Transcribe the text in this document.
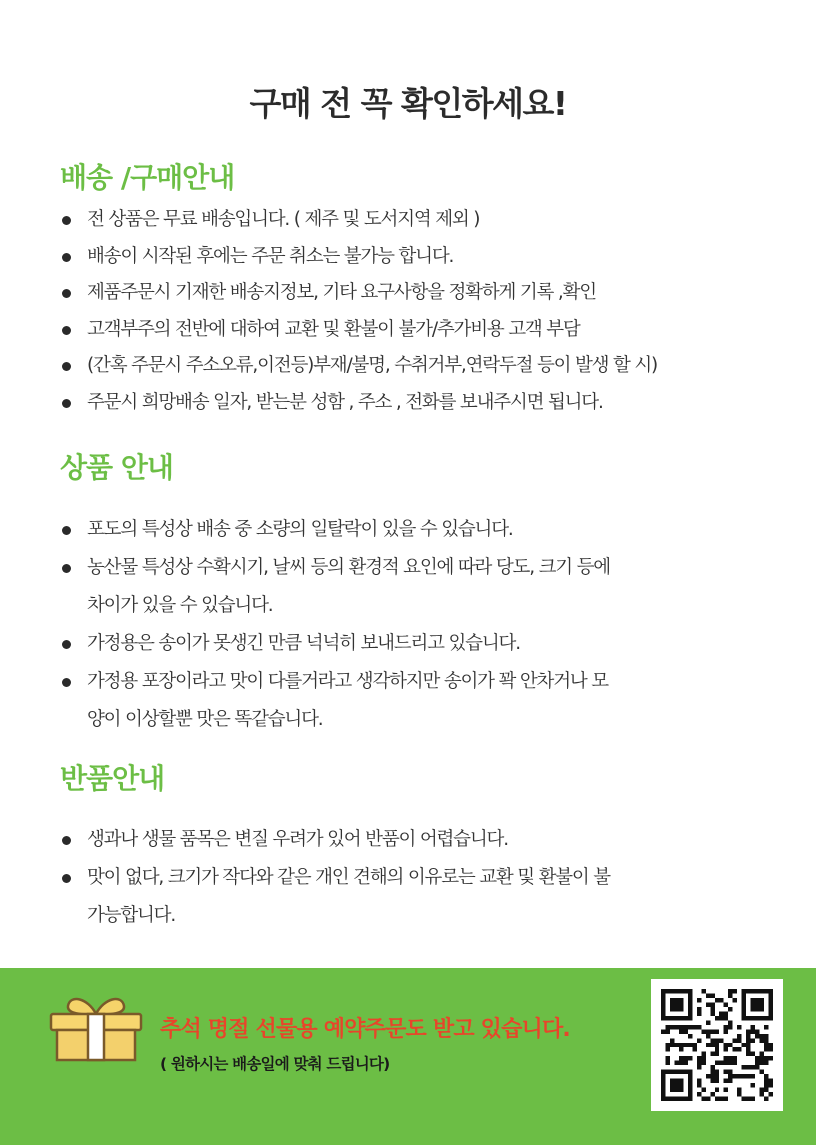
구매 전 꼭 확인하세요!
배송 /구매안내
전 상품은 무료 배송입니다. ( 제주 및 도서지역 제외 )
배송이 시작된 후에는 주문 취소는 불가능 합니다.
제품주문시 기재한 배송지정보, 기타 요구사항을 정확하게 기록 ,확인
고객부주의 전반에 대하여 교환 및 환불이 불가/추가비용 고객 부담
(간혹 주문시 주소오류,이전등)부재/불명, 수취거부,연락두절 등이 발생 할 시)
주문시 희망배송 일자, 받는분 성함 , 주소 , 전화를 보내주시면 됩니다.
상품 안내
포도의 특성상 배송 중 소량의 일탈락이 있을 수 있습니다.
농산물 특성상 수확시기, 날씨 등의 환경적 요인에 따라 당도, 크기 등에
차이가 있을 수 있습니다.
가정용은 송이가 못생긴 만큼 넉넉히 보내드리고 있습니다.
가정용 포장이라고 맛이 다를거라고 생각하지만 송이가 꽉 안차거나 모
양이 이상할뿐 맛은 똑같습니다.
반품안내
생과나 생물 품목은 변질 우려가 있어 반품이 어렵습니다.
맛이 없다, 크기가 작다와 같은 개인 견해의 이유로는 교환 및 환불이 불
가능합니다.
추석 명절 선물용 예약주문도 받고 있습니다.
( 원하시는 배송일에 맞춰 드립니다)
